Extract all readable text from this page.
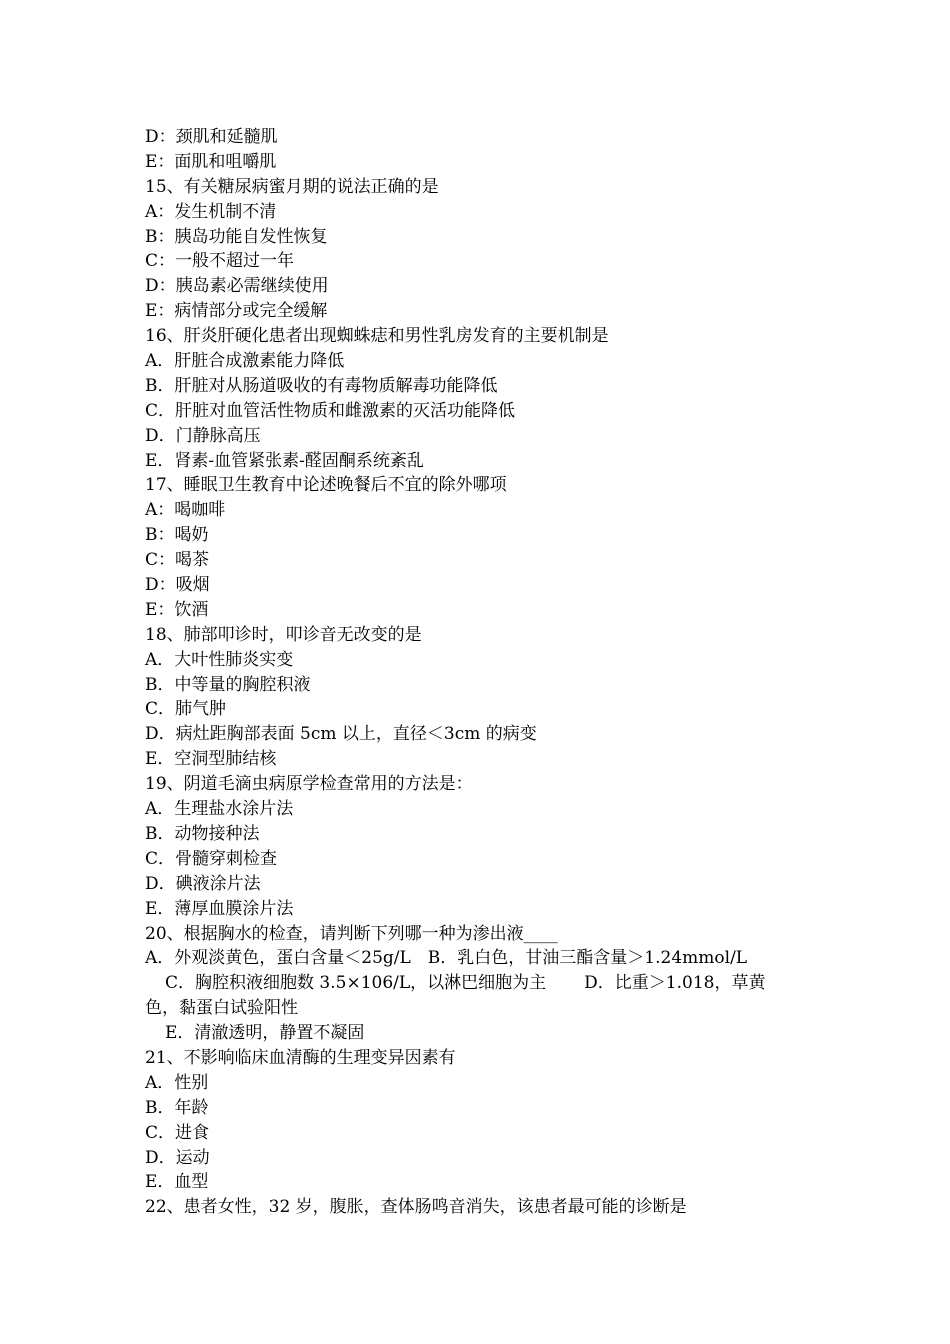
D：颈肌和延髓肌
E：面肌和咀嚼肌
15、有关糖尿病蜜月期的说法正确的是
A：发生机制不清
B：胰岛功能自发性恢复
C：一般不超过一年
D：胰岛素必需继续使用
E：病情部分或完全缓解
16、肝炎肝硬化患者出现蜘蛛痣和男性乳房发育的主要机制是
A．肝脏合成激素能力降低
B．肝脏对从肠道吸收的有毒物质解毒功能降低
C．肝脏对血管活性物质和雌激素的灭活功能降低
D．门静脉高压
E．肾素-血管紧张素-醛固酮系统紊乱
17、睡眠卫生教育中论述晚餐后不宜的除外哪项
A：喝咖啡
B：喝奶
C：喝茶
D：吸烟
E：饮酒
18、肺部叩诊时，叩诊音无改变的是
A．大叶性肺炎实变
B．中等量的胸腔积液
C．肺气肿
D．病灶距胸部表面 5cm 以上，直径＜3cm 的病变
E．空洞型肺结核
19、阴道毛滴虫病原学检查常用的方法是：
A．生理盐水涂片法
B．动物接种法
C．骨髓穿刺检查
D．碘液涂片法
E．薄厚血膜涂片法
20、根据胸水的检查，请判断下列哪一种为渗出液____
A．外观淡黄色，蛋白含量＜25g/L　B．乳白色，甘油三酯含量＞1.24mmol/L
C．胸腔积液细胞数 3.5×106/L，以淋巴细胞为主 D．比重＞1.018，草黄
色，黏蛋白试验阳性
E．清澈透明，静置不凝固
21、不影响临床血清酶的生理变异因素有
A．性别
B．年龄
C．进食
D．运动
E．血型
22、患者女性，32 岁，腹胀，查体肠鸣音消失，该患者最可能的诊断是
